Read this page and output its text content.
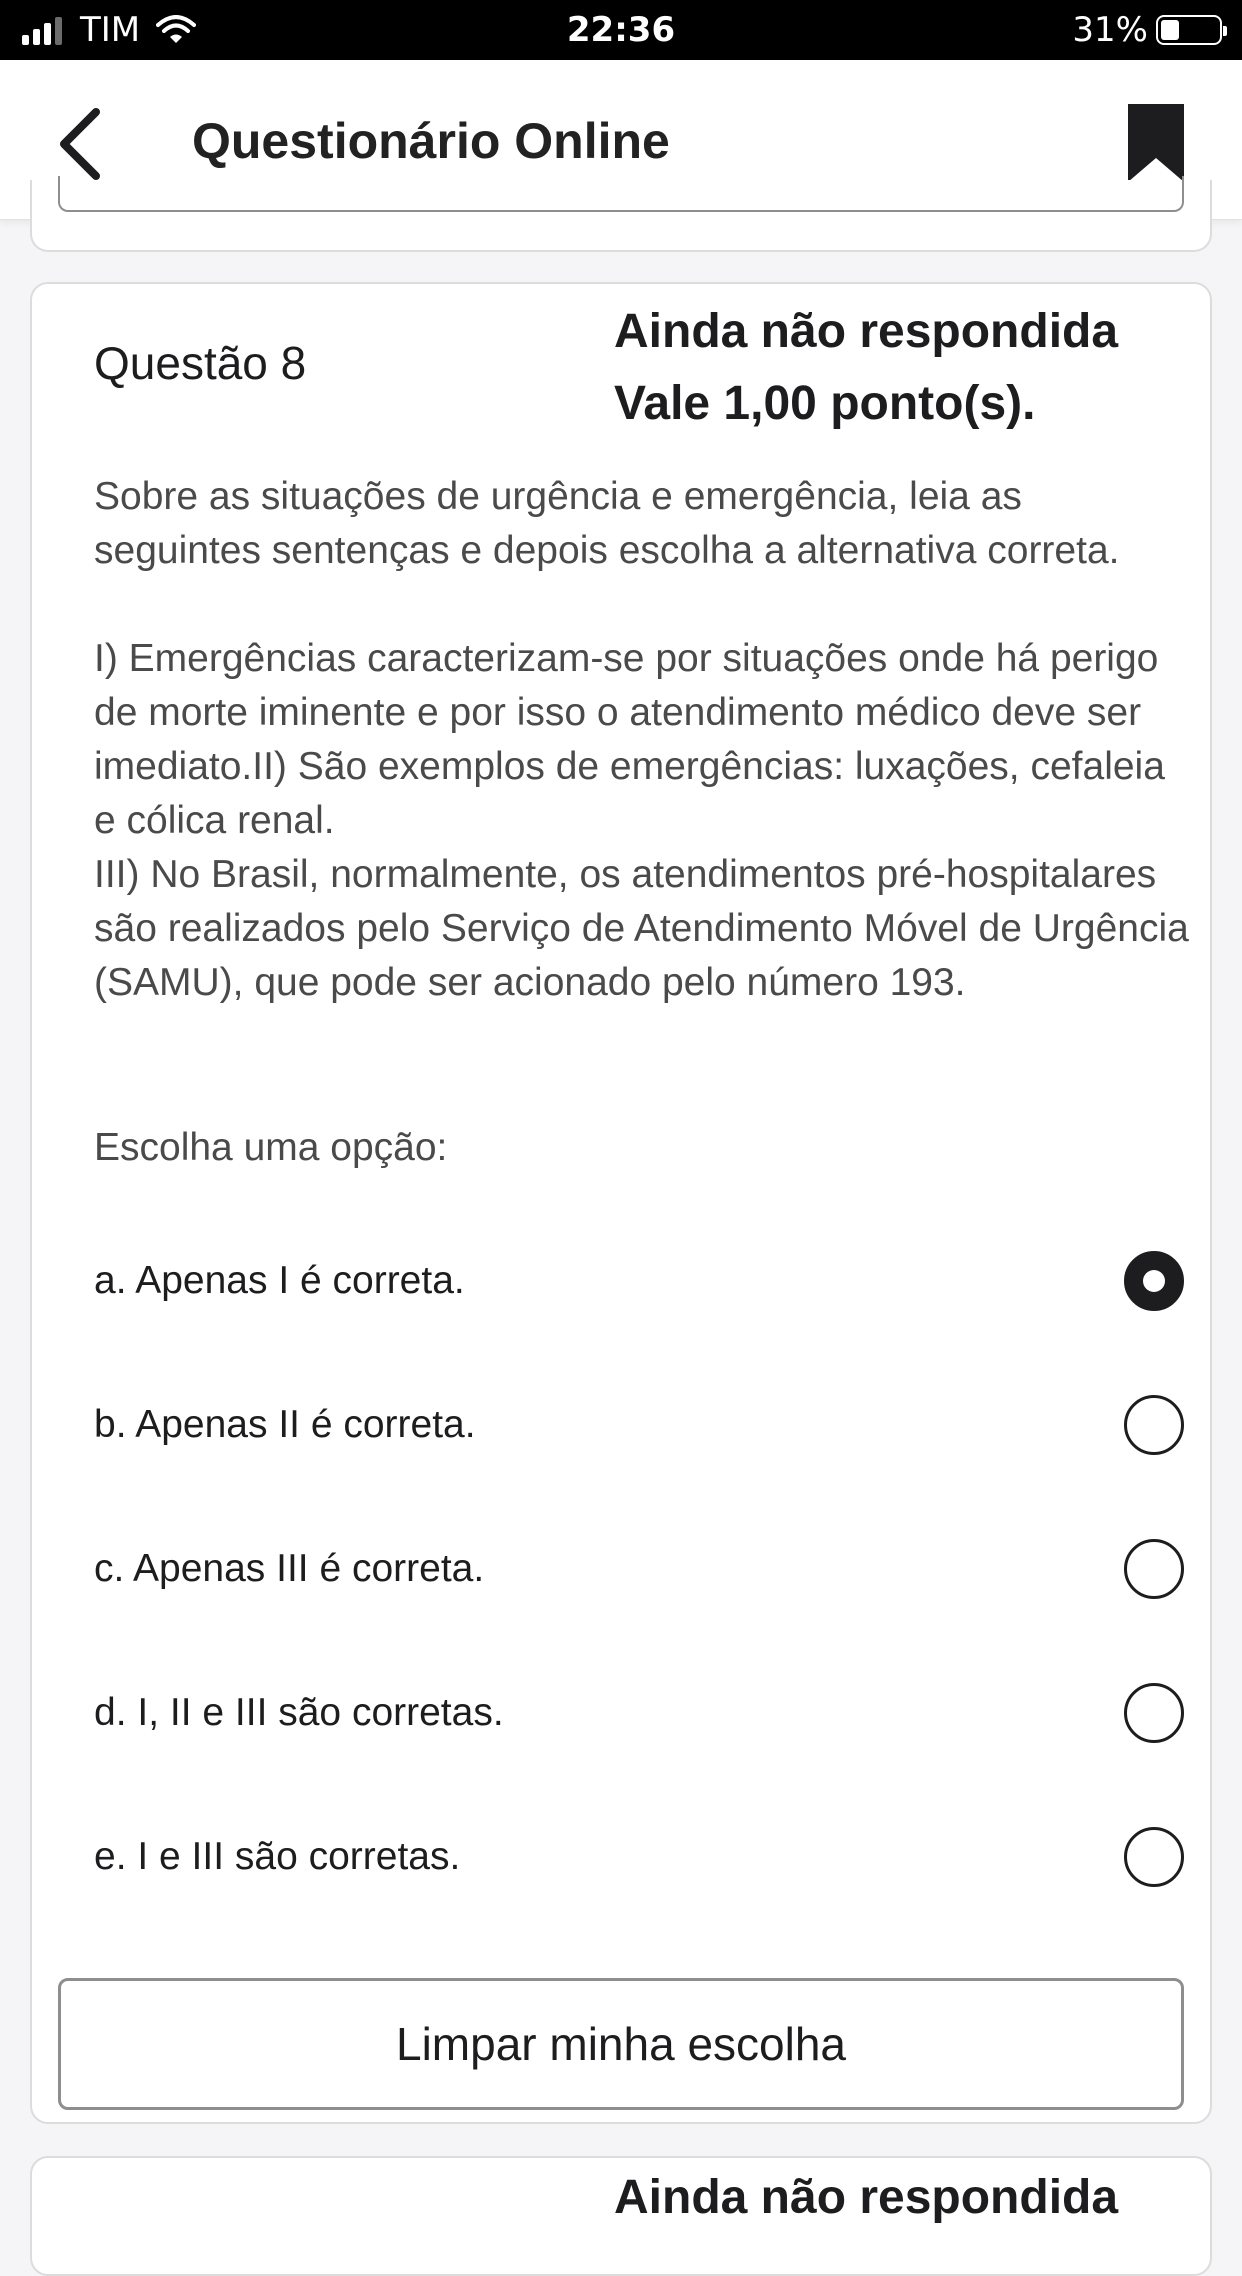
TIM	22:36	31%
Questionário Online
Questão 8
Ainda não respondida
Vale 1,00 ponto(s).

Sobre as situações de urgência e emergência, leia as seguintes sentenças e depois escolha a alternativa correta.

I) Emergências caracterizam-se por situações onde há perigo de morte iminente e por isso o atendimento médico deve ser imediato.II) São exemplos de emergências: luxações, cefaleia e cólica renal.

III) No Brasil, normalmente, os atendimentos pré-hospitalares são realizados pelo Serviço de Atendimento Móvel de Urgência (SAMU), que pode ser acionado pelo número 193.

Escolha uma opção:
a. Apenas I é correta.
b. Apenas II é correta.
c. Apenas III é correta.
d. I, II e III são corretas.
e. I e III são corretas.
Limpar minha escolha
Ainda não respondida
